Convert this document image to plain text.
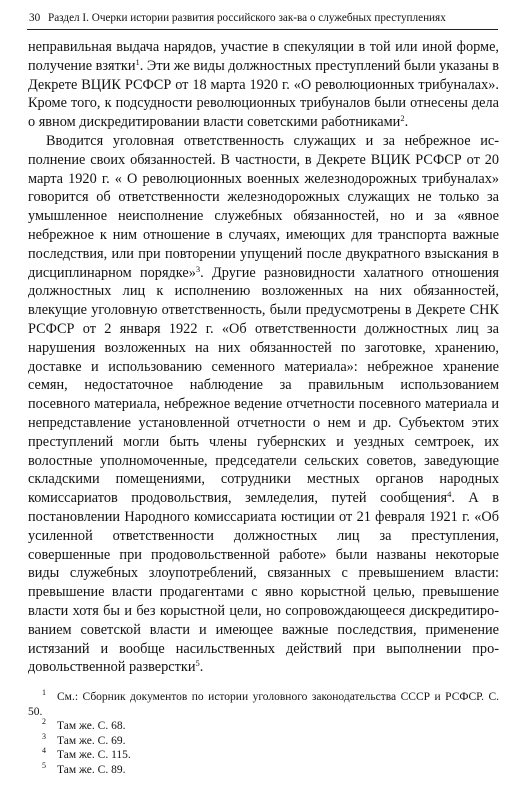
30 Раздел I. Очерки истории развития российского зак-ва о служебных преступлениях

неправильная выдача нарядов, участие в спекуляции в той или иной форме, получение взятки$^1$. Эти же виды должностных преступлений были указаны в Декрете ВЦИК РСФСР от 18 марта 1920 г. «О революционных трибуналах». Кроме того, к подсудности революционных трибуналов были отнесены дела о явном дискредитировании власти советскими работниками$^2$.

Вводится уголовная ответственность служащих и за небрежное исполнение своих обязанностей. В частности, в Декрете ВЦИК РСФСР от 20 марта 1920 г. « О революционных военных железнодорожных трибуналах» говорится об ответственности железнодорожных служащих не только за умышленное неисполнение служебных обязанностей, но и за «явное небрежное к ним отношение в случаях, имеющих для транспорта важные последствия, или при повторении упущений после двукратного взыскания в дисциплинарном порядке»$^3$. Другие разновидности халатного отношения должностных лиц к исполнению возложенных на них обязанностей, влекущие уголовную ответственность, были предусмотрены в Декрете СНК РСФСР от 2 января 1922 г. «Об ответственности должностных лиц за нарушения возложенных на них обязанностей по заготовке, хранению, доставке и использованию семенного материала»: небрежное хранение семян, недостаточное наблюдение за правильным использованием посевного материала, небрежное ведение отчетности посевного материала и непредставление установленной отчетности о нем и др. Субъектом этих преступлений могли быть члены губернских и уездных семтроек, их волостные уполномоченные, председатели сельских советов, заведующие складскими помещениями, сотрудники местных органов народных комиссариатов продовольствия, земледелия, путей сообщения$^4$. А в постановлении Народного комиссариата юстиции от 21 февраля 1921 г. «Об усиленной ответственности должностных лиц за преступления, совершенные при продовольственной работе» были названы некоторые виды служебных злоупотреблений, связанных с превышением власти: превышение власти продагентами с явно корыстной целью, превышение власти хотя бы и без корыстной цели, но сопровождающееся дискредитированием советской власти и имеющее важные последствия, применение истязаний и вообще насильственных действий при выполнении продовольственной разверстки$^5$.

$^1$ См.: Сборник документов по истории уголовного законодательства СССР и РСФСР. С. 50.

$^2$ Там же. С. 68.

$^3$ Там же. С. 69.

$^4$ Там же. С. 115.

$^5$ Там же. С. 89.
